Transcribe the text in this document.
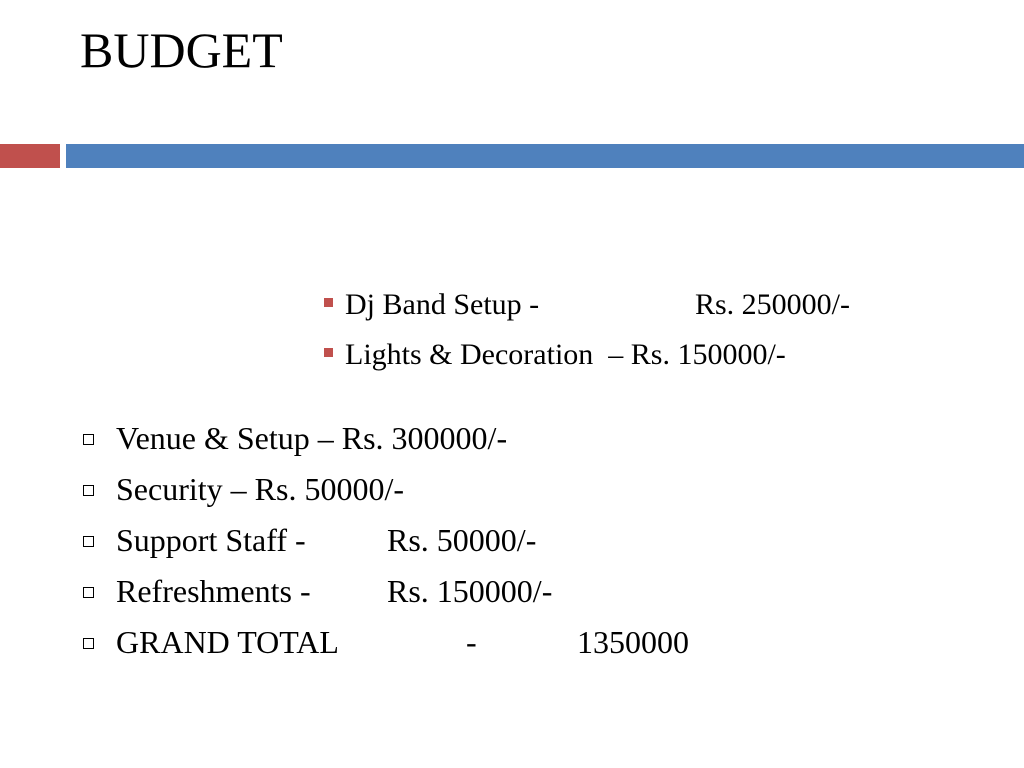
BUDGET
Dj Band Setup -	Rs. 250000/-
Lights & Decoration  – Rs. 150000/-
Venue & Setup – Rs. 300000/-
Security – Rs. 50000/-
Support Staff -	Rs. 50000/-
Refreshments - Rs. 150000/-
GRAND TOTAL	-	1350000
